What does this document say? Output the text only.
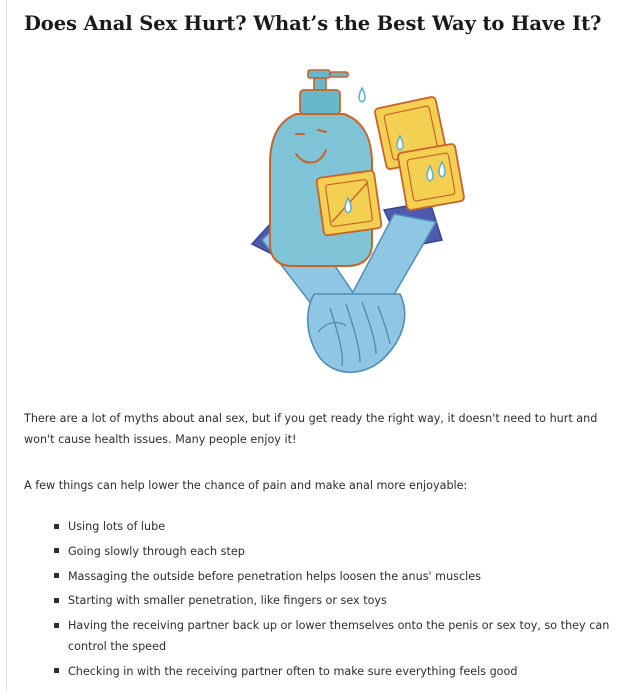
Does Anal Sex Hurt? What’s the Best Way to Have It?

There are a lot of myths about anal sex, but if you get ready the right way, it doesn't need to hurt and won't cause health issues. Many people enjoy it!

A few things can help lower the chance of pain and make anal more enjoyable:

Using lots of lube
Going slowly through each step
Massaging the outside before penetration helps loosen the anus' muscles
Starting with smaller penetration, like fingers or sex toys
Having the receiving partner back up or lower themselves onto the penis or sex toy, so they can control the speed
Checking in with the receiving partner often to make sure everything feels good
